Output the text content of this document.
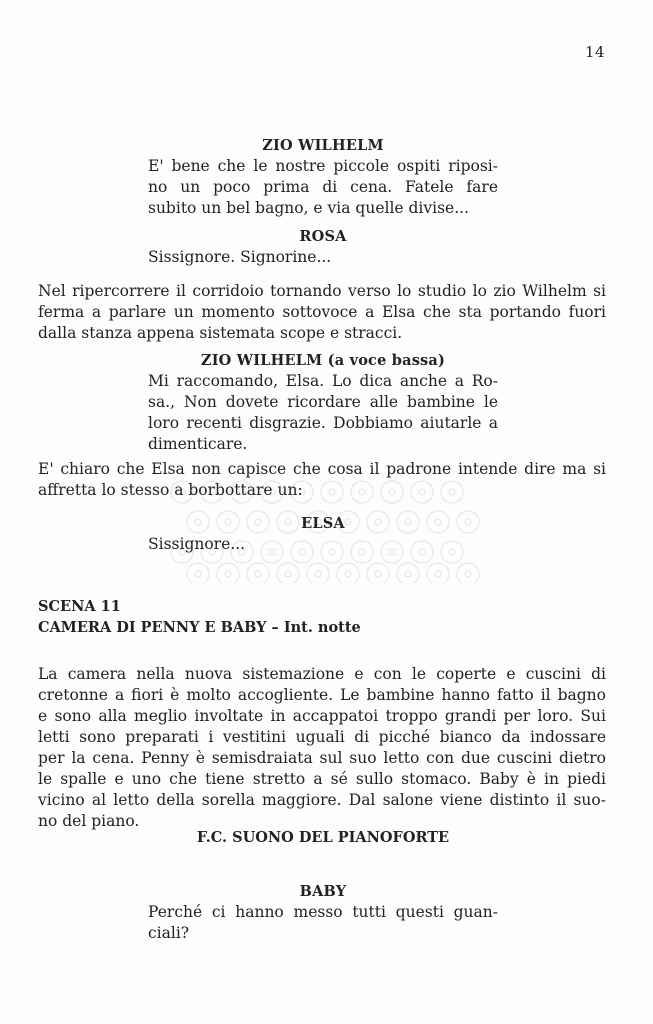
14
ZIO WILHELM
E' bene che le nostre piccole ospiti riposi-
no un poco prima di cena. Fatele fare
subito un bel bagno, e via quelle divise...
ROSA
Sissignore. Signorine...
Nel ripercorrere il corridoio tornando verso lo studio lo zio Wilhelm si
ferma a parlare un momento sottovoce a Elsa che sta portando fuori
dalla stanza appena sistemata scope e stracci.
ZIO WILHELM (a voce bassa)
Mi raccomando, Elsa. Lo dica anche a Ro-
sa., Non dovete ricordare alle bambine le
loro recenti disgrazie. Dobbiamo aiutarle a
dimenticare.
E' chiaro che Elsa non capisce che cosa il padrone intende dire ma si
affretta lo stesso a borbottare un:
ELSA
Sissignore...
SCENA 11
CAMERA DI PENNY E BABY – Int. notte
La camera nella nuova sistemazione e con le coperte e cuscini di
cretonne a fiori è molto accogliente. Le bambine hanno fatto il bagno
e sono alla meglio involtate in accappatoi troppo grandi per loro. Sui
letti sono preparati i vestitini uguali di picché bianco da indossare
per la cena. Penny è semisdraiata sul suo letto con due cuscini dietro
le spalle e uno che tiene stretto a sé sullo stomaco. Baby è in piedi
vicino al letto della sorella maggiore. Dal salone viene distinto il suo-
no del piano.
F.C. SUONO DEL PIANOFORTE
BABY
Perché ci hanno messo tutti questi guan-
ciali?
